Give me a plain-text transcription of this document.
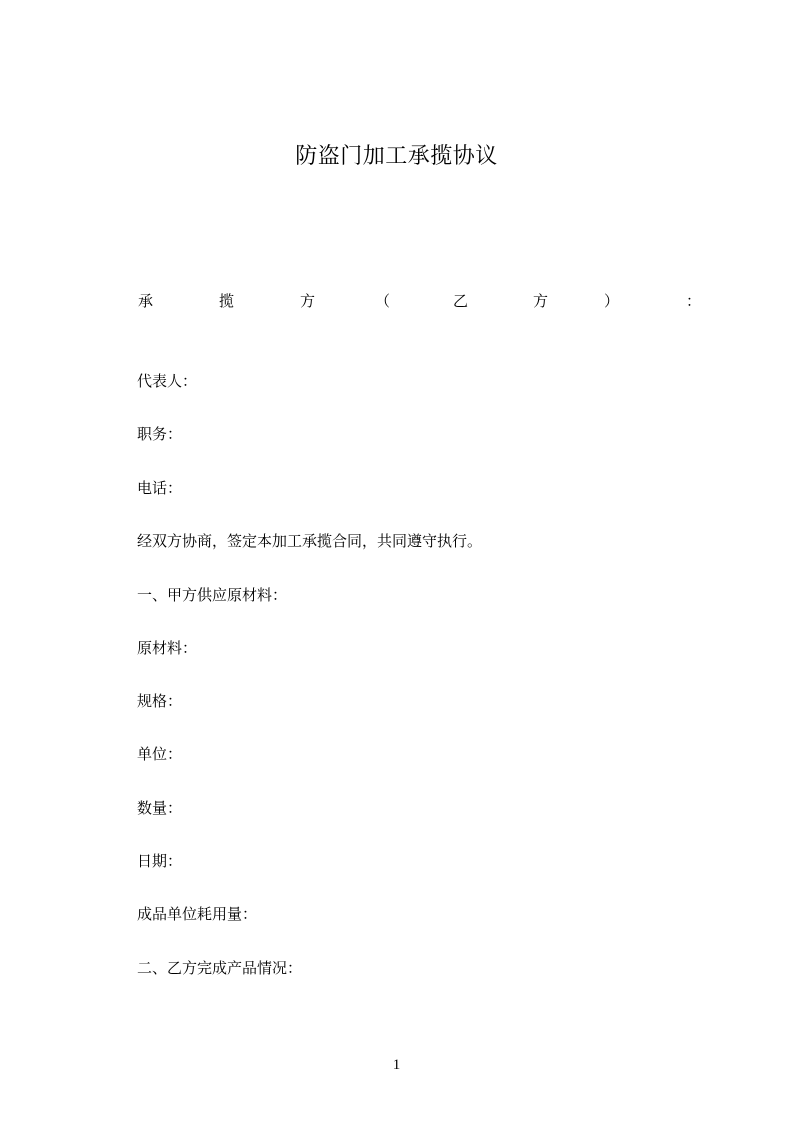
防盗门加工承揽协议
承	揽	方	（	乙	方	）	：

代表人：

职务：

电话：

经双方协商，签定本加工承揽合同，共同遵守执行。

一、甲方供应原材料：

原材料：

规格：

单位：

数量：

日期：

成品单位耗用量：

二、乙方完成产品情况：

1
